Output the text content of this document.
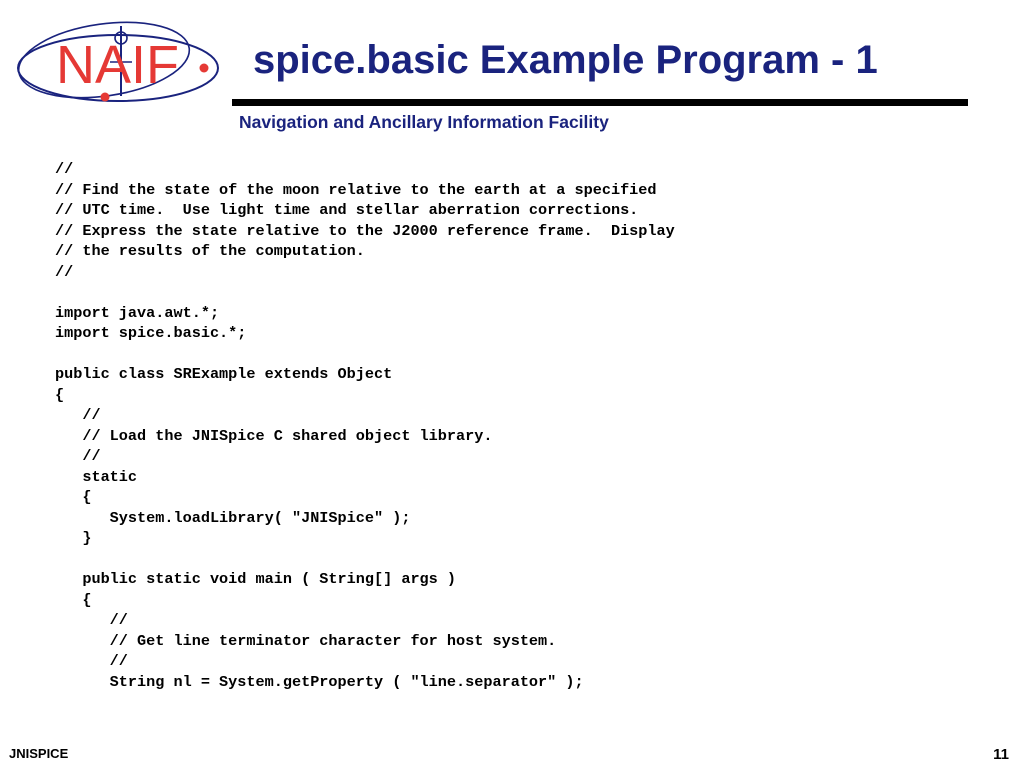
NAIF spice.basic Example Program - 1
Navigation and Ancillary Information Facility
//
// Find the state of the moon relative to the earth at a specified
// UTC time.  Use light time and stellar aberration corrections.
// Express the state relative to the J2000 reference frame.  Display
// the results of the computation.
//
import java.awt.*;
import spice.basic.*;
public class SRExample extends Object
{
//
// Load the JNISpice C shared object library.
//
static
{
System.loadLibrary( "JNISpice" );
}
public static void main ( String[] args )
{
//
// Get line terminator character for host system.
//
String nl = System.getProperty ( "line.separator" );
JNISPICE	11
